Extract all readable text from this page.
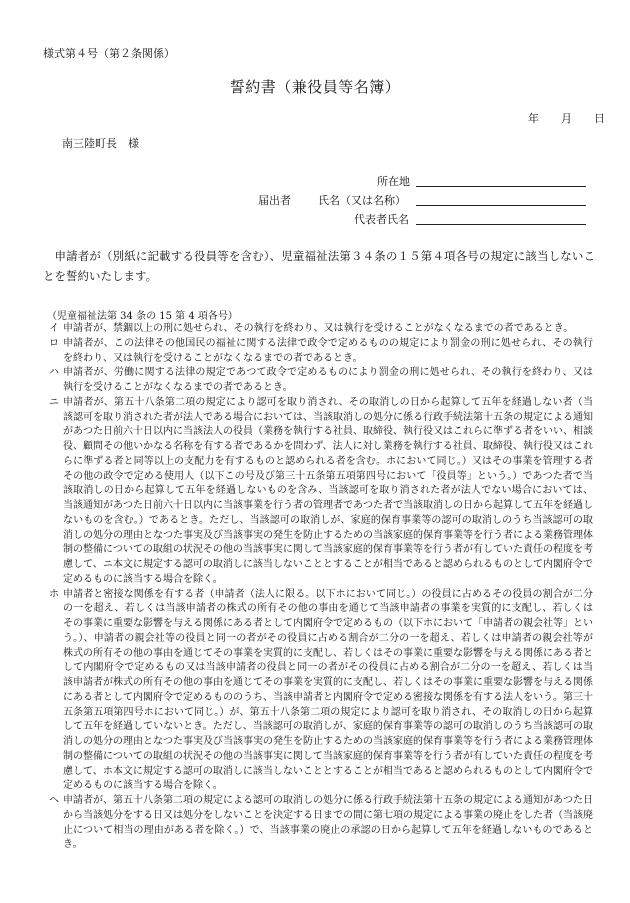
様式第４号（第２条関係）
誓約書（兼役員等名簿）
年　　月　　日
南三陸町長　様
所在地
届出者 氏名（又は名称）
代表者氏名
申請者が（別紙に記載する役員等を含む）、児童福祉法第３４条の１５第４項各号の規定に該当しないことを誓約いたします。
（児童福祉法第 34 条の 15 第 4 項各号）
イ 申請者が、禁錮以上の刑に処せられ、その執行を終わり、又は執行を受けることがなくなるまでの者であるとき。
ロ 申請者が、この法律その他国民の福祉に関する法律で政令で定めるものの規定により罰金の刑に処せられ、その執行を終わり、又は執行を受けることがなくなるまでの者であるとき。
ハ 申請者が、労働に関する法律の規定であつて政令で定めるものにより罰金の刑に処せられ、その執行を終わり、又は執行を受けることがなくなるまでの者であるとき。
ニ 申請者が、第五十八条第二項の規定により認可を取り消され、その取消しの日から起算して五年を経過しない者（当該認可を取り消された者が法人である場合においては、当該取消しの処分に係る行政手続法第十五条の規定による通知があつた日前六十日以内に当該法人の役員（業務を執行する社員、取締役、執行役又はこれらに準ずる者をいい、相談役、顧問その他いかなる名称を有する者であるかを問わず、法人に対し業務を執行する社員、取締役、執行役又はこれらに準ずる者と同等以上の支配力を有するものと認められる者を含む。ホにおいて同じ。）又はその事業を管理する者その他の政令で定める使用人（以下この号及び第三十五条第五項第四号において「役員等」という。）であつた者で当該取消しの日から起算して五年を経過しないものを含み、当該認可を取り消された者が法人でない場合においては、当該通知があつた日前六十日以内に当該事業を行う者の管理者であつた者で当該取消しの日から起算して五年を経過しないものを含む。）であるとき。ただし、当該認可の取消しが、家庭的保育事業等の認可の取消しのうち当該認可の取消しの処分の理由となつた事実及び当該事実の発生を防止するための当該家庭的保育事業等を行う者による業務管理体制の整備についての取組の状況その他の当該事実に関して当該家庭的保育事業等を行う者が有していた責任の程度を考慮して、ニ本文に規定する認可の取消しに該当しないこととすることが相当であると認められるものとして内閣府令で定めるものに該当する場合を除く。
ホ 申請者と密接な関係を有する者（申請者（法人に限る。以下ホにおいて同じ。）の役員に占めるその役員の割合が二分の一を超え、若しくは当該申請者の株式の所有その他の事由を通じて当該申請者の事業を実質的に支配し、若しくはその事業に重要な影響を与える関係にある者として内閣府令で定めるもの（以下ホにおいて「申請者の親会社等」という。）、申請者の親会社等の役員と同一の者がその役員に占める割合が二分の一を超え、若しくは申請者の親会社等が株式の所有その他の事由を通じてその事業を実質的に支配し、若しくはその事業に重要な影響を与える関係にある者として内閣府令で定めるもの又は当該申請者の役員と同一の者がその役員に占める割合が二分の一を超え、若しくは当該申請者が株式の所有その他の事由を通じてその事業を実質的に支配し、若しくはその事業に重要な影響を与える関係にある者として内閣府令で定めるもののうち、当該申請者と内閣府令で定める密接な関係を有する法人をいう。第三十五条第五項第四号ホにおいて同じ。）が、第五十八条第二項の規定により認可を取り消され、その取消しの日から起算して五年を経過していないとき。ただし、当該認可の取消しが、家庭的保育事業等の認可の取消しのうち当該認可の取消しの処分の理由となつた事実及び当該事実の発生を防止するための当該家庭的保育事業等を行う者による業務管理体制の整備についての取組の状況その他の当該事実に関して当該家庭的保育事業等を行う者が有していた責任の程度を考慮して、ホ本文に規定する認可の取消しに該当しないこととすることが相当であると認められるものとして内閣府令で定めるものに該当する場合を除く。
ヘ 申請者が、第五十八条第二項の規定による認可の取消しの処分に係る行政手続法第十五条の規定による通知があつた日から当該処分をする日又は処分をしないことを決定する日までの間に第七項の規定による事業の廃止をした者（当該廃止について相当の理由がある者を除く。）で、当該事業の廃止の承認の日から起算して五年を経過しないものであるとき。
